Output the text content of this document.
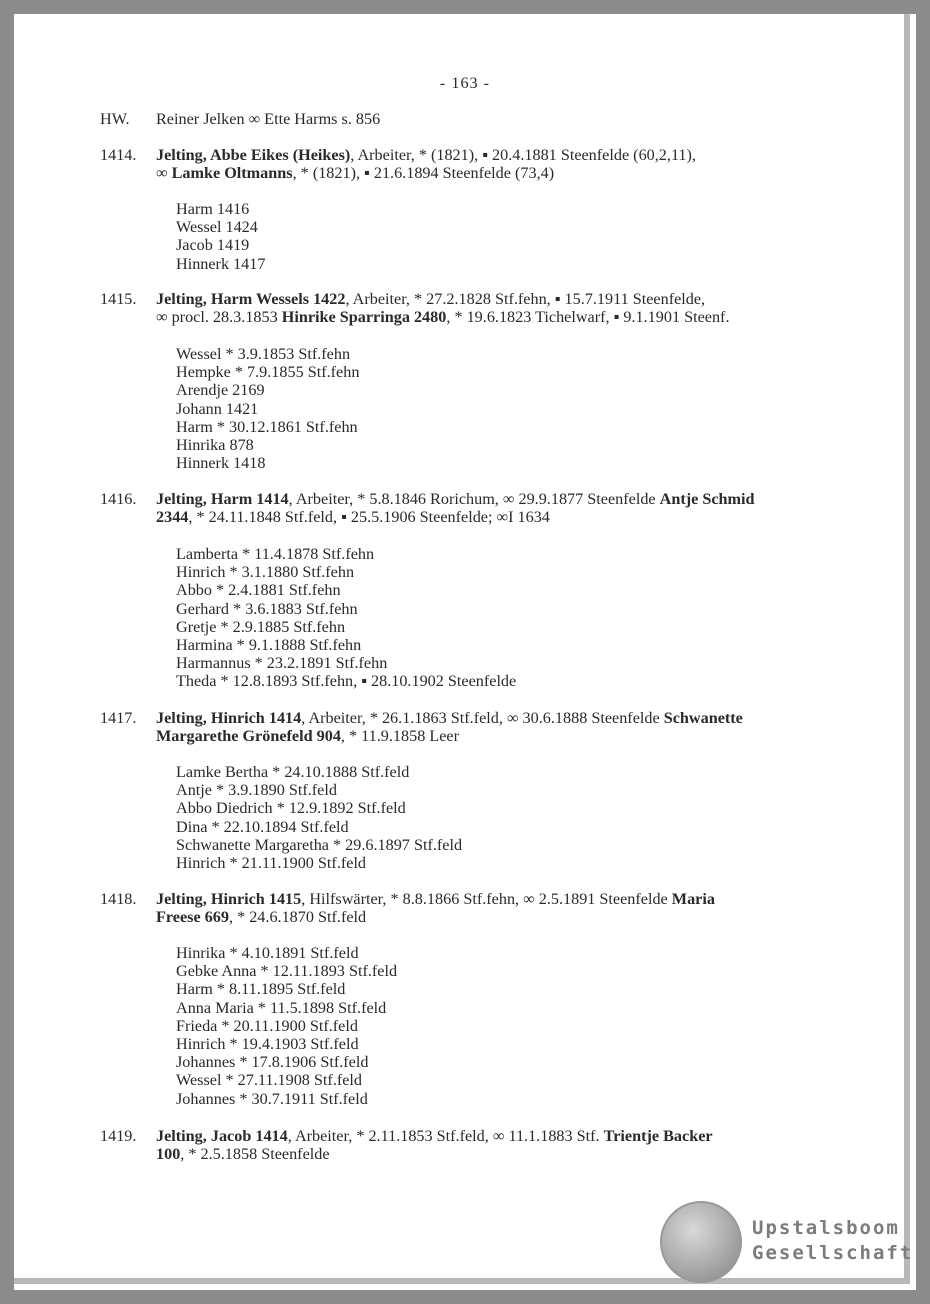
- 163 -
HW.	Reiner Jelken ∞ Ette Harms s. 856
1414.	Jelting, Abbe Eikes (Heikes), Arbeiter, * (1821), ▪ 20.4.1881 Steenfelde (60,2,11),
∞ Lamke Oltmanns, * (1821), ▪ 21.6.1894 Steenfelde (73,4)
Harm 1416
Wessel 1424
Jacob 1419
Hinnerk 1417
1415.	Jelting, Harm Wessels 1422, Arbeiter, * 27.2.1828 Stf.fehn, ▪ 15.7.1911 Steenfelde,
∞ procl. 28.3.1853 Hinrike Sparringa 2480, * 19.6.1823 Tichelwarf, ▪ 9.1.1901 Steenf.
Wessel * 3.9.1853 Stf.fehn
Hempke * 7.9.1855 Stf.fehn
Arendje 2169
Johann 1421
Harm * 30.12.1861 Stf.fehn
Hinrika 878
Hinnerk 1418
1416.	Jelting, Harm 1414, Arbeiter, * 5.8.1846 Rorichum, ∞ 29.9.1877 Steenfelde Antje Schmid
2344, * 24.11.1848 Stf.feld, ▪ 25.5.1906 Steenfelde; ∞I 1634
Lamberta * 11.4.1878 Stf.fehn
Hinrich * 3.1.1880 Stf.fehn
Abbo * 2.4.1881 Stf.fehn
Gerhard * 3.6.1883 Stf.fehn
Gretje * 2.9.1885 Stf.fehn
Harmina * 9.1.1888 Stf.fehn
Harmannus * 23.2.1891 Stf.fehn
Theda * 12.8.1893 Stf.fehn, ▪ 28.10.1902 Steenfelde
1417.	Jelting, Hinrich 1414, Arbeiter, * 26.1.1863 Stf.feld, ∞ 30.6.1888 Steenfelde Schwanette
Margarethe Grönefeld 904, * 11.9.1858 Leer
Lamke Bertha * 24.10.1888 Stf.feld
Antje * 3.9.1890 Stf.feld
Abbo Diedrich * 12.9.1892 Stf.feld
Dina * 22.10.1894 Stf.feld
Schwanette Margaretha * 29.6.1897 Stf.feld
Hinrich * 21.11.1900 Stf.feld
1418.	Jelting, Hinrich 1415, Hilfswärter, * 8.8.1866 Stf.fehn, ∞ 2.5.1891 Steenfelde Maria
Freese 669, * 24.6.1870 Stf.feld
Hinrika * 4.10.1891 Stf.feld
Gebke Anna * 12.11.1893 Stf.feld
Harm * 8.11.1895 Stf.feld
Anna Maria * 11.5.1898 Stf.feld
Frieda * 20.11.1900 Stf.feld
Hinrich * 19.4.1903 Stf.feld
Johannes * 17.8.1906 Stf.feld
Wessel * 27.11.1908 Stf.feld
Johannes * 30.7.1911 Stf.feld
1419.	Jelting, Jacob 1414, Arbeiter, * 2.11.1853 Stf.feld, ∞ 11.1.1883 Stf. Trientje Backer
100, * 2.5.1858 Steenfelde
Upstalsboom
Gesellschaft
